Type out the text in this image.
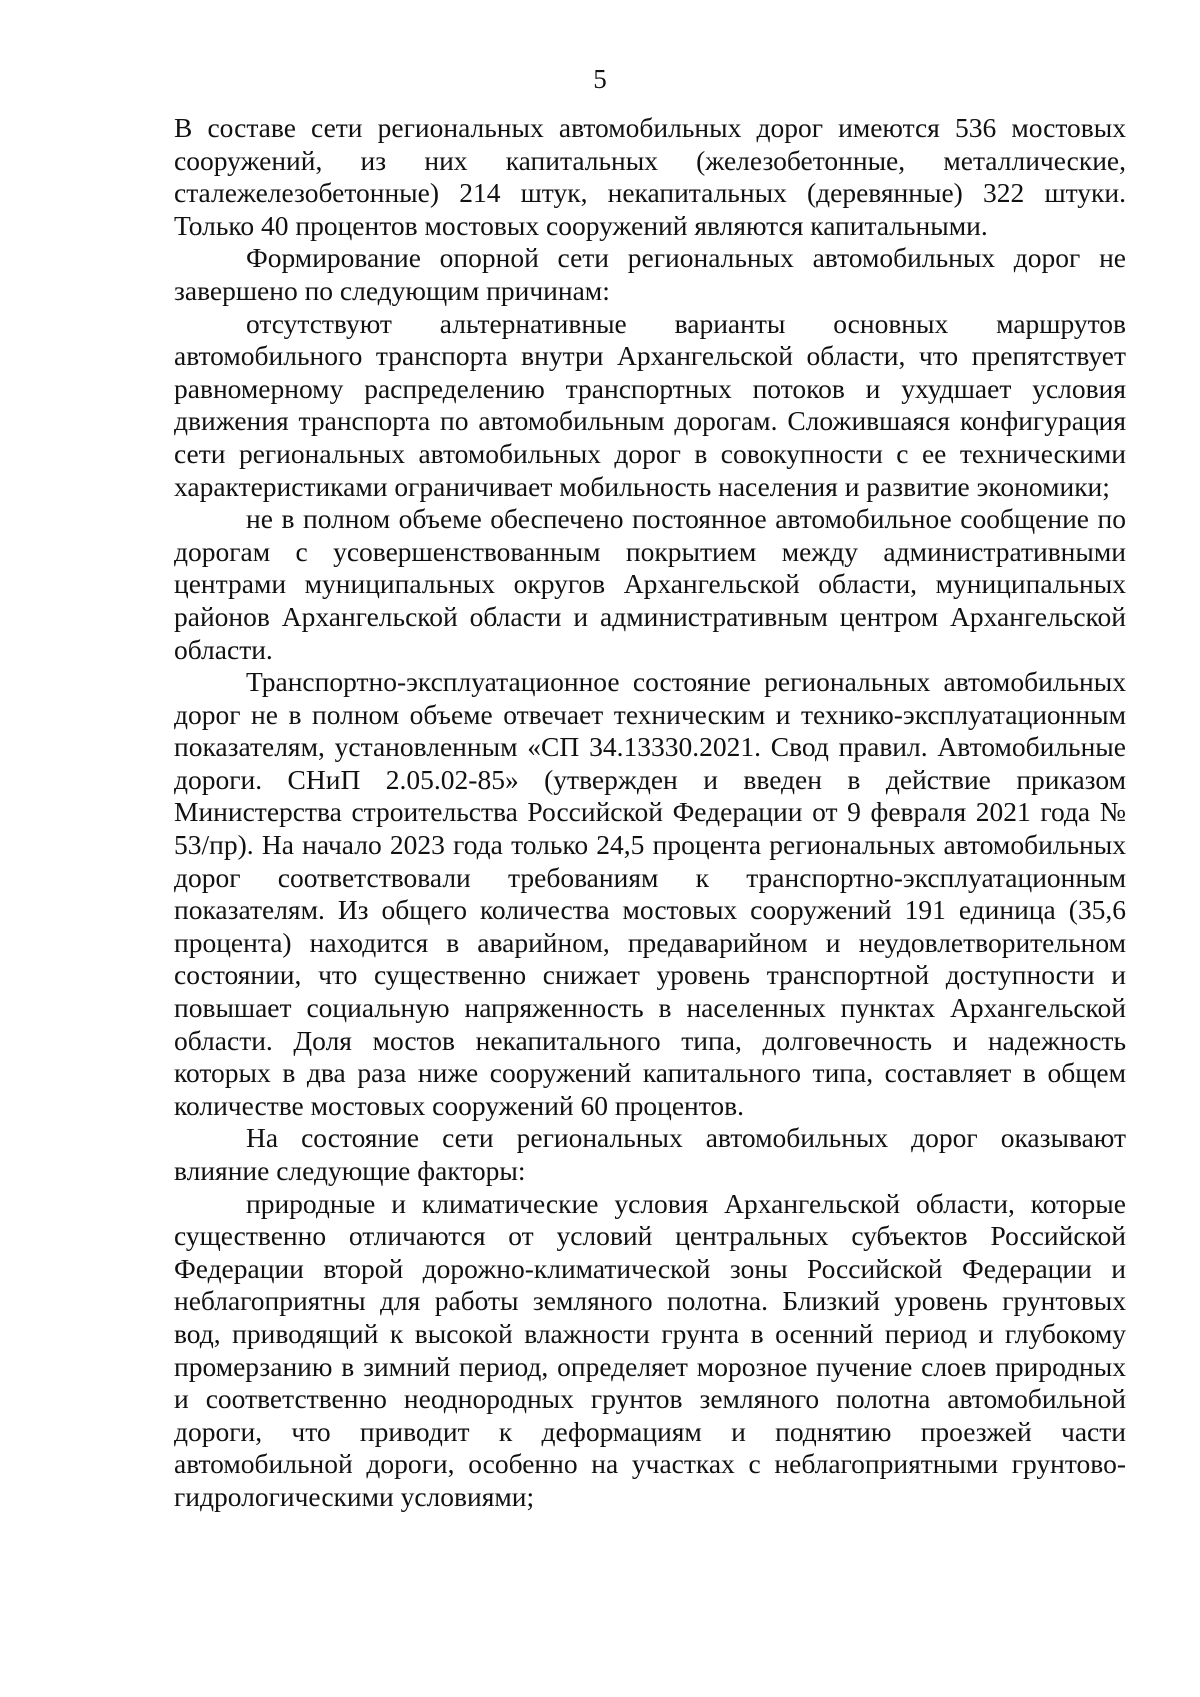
5

В составе сети региональных автомобильных дорог имеются 536 мостовых сооружений, из них капитальных (железобетонные, металлические, сталежелезобетонные) 214 штук, некапитальных (деревянные) 322 штуки. Только 40 процентов мостовых сооружений являются капитальными.

Формирование опорной сети региональных автомобильных дорог не завершено по следующим причинам:

отсутствуют альтернативные варианты основных маршрутов автомобильного транспорта внутри Архангельской области, что препятствует равномерному распределению транспортных потоков и ухудшает условия движения транспорта по автомобильным дорогам. Сложившаяся конфигурация сети региональных автомобильных дорог в совокупности с ее техническими характеристиками ограничивает мобильность населения и развитие экономики;

не в полном объеме обеспечено постоянное автомобильное сообщение по дорогам с усовершенствованным покрытием между административными центрами муниципальных округов Архангельской области, муниципальных районов Архангельской области и административным центром Архангельской области.

Транспортно-эксплуатационное состояние региональных автомобильных дорог не в полном объеме отвечает техническим и технико-эксплуатационным показателям, установленным «СП 34.13330.2021. Свод правил. Автомобильные дороги. СНиП 2.05.02-85» (утвержден и введен в действие приказом Министерства строительства Российской Федерации от 9 февраля 2021 года № 53/пр). На начало 2023 года только 24,5 процента региональных автомобильных дорог соответствовали требованиям к транспортно-эксплуатационным показателям. Из общего количества мостовых сооружений 191 единица (35,6 процента) находится в аварийном, предаварийном и неудовлетворительном состоянии, что существенно снижает уровень транспортной доступности и повышает социальную напряженность в населенных пунктах Архангельской области. Доля мостов некапитального типа, долговечность и надежность которых в два раза ниже сооружений капитального типа, составляет в общем количестве мостовых сооружений 60 процентов.

На состояние сети региональных автомобильных дорог оказывают влияние следующие факторы:

природные и климатические условия Архангельской области, которые существенно отличаются от условий центральных субъектов Российской Федерации второй дорожно-климатической зоны Российской Федерации и неблагоприятны для работы земляного полотна. Близкий уровень грунтовых вод, приводящий к высокой влажности грунта в осенний период и глубокому промерзанию в зимний период, определяет морозное пучение слоев природных и соответственно неоднородных грунтов земляного полотна автомобильной дороги, что приводит к деформациям и поднятию проезжей части автомобильной дороги, особенно на участках с неблагоприятными грунтово-гидрологическими условиями;
